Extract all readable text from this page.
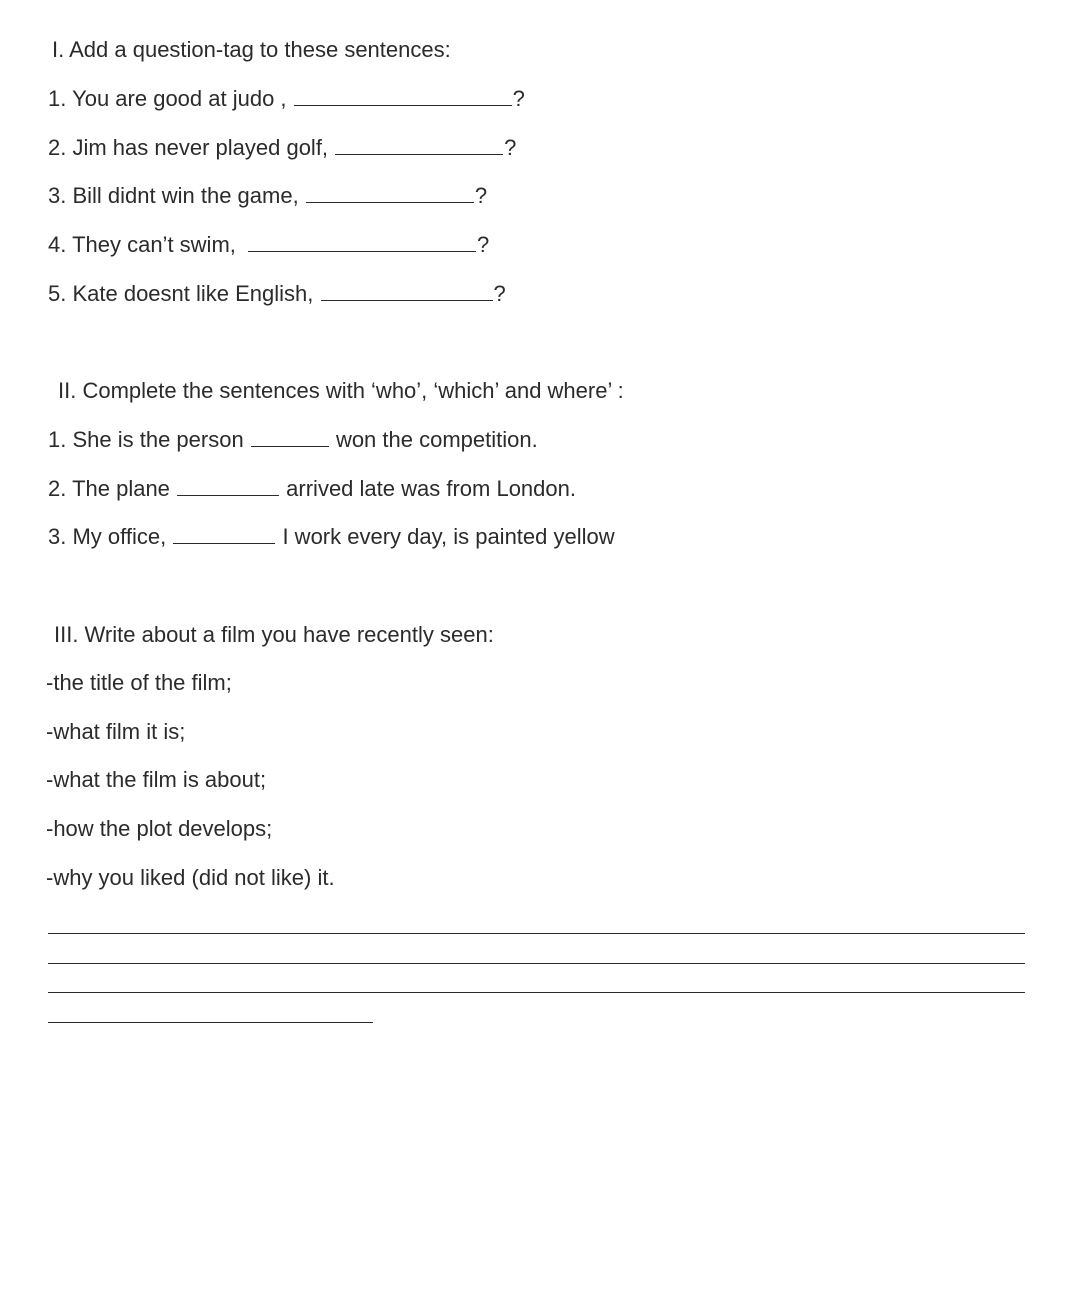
I. Add a question-tag to these sentences:
1. You are good at judo ,	?
2. Jim has never played golf,	?
3. Bill didnt win the game,	?
4. They can’t swim,	?
5. Kate doesnt like English,	?
II. Complete the sentences with ‘who’, ‘which’ and where’ :
1. She is the person	won the competition.
2. The plane	arrived late was from London.
3. My office,	I work every day, is painted yellow
III. Write about a film you have recently seen:
-the title of the film;
-what film it is;
-what the film is about;
-how the plot develops;
-why you liked (did not like) it.
